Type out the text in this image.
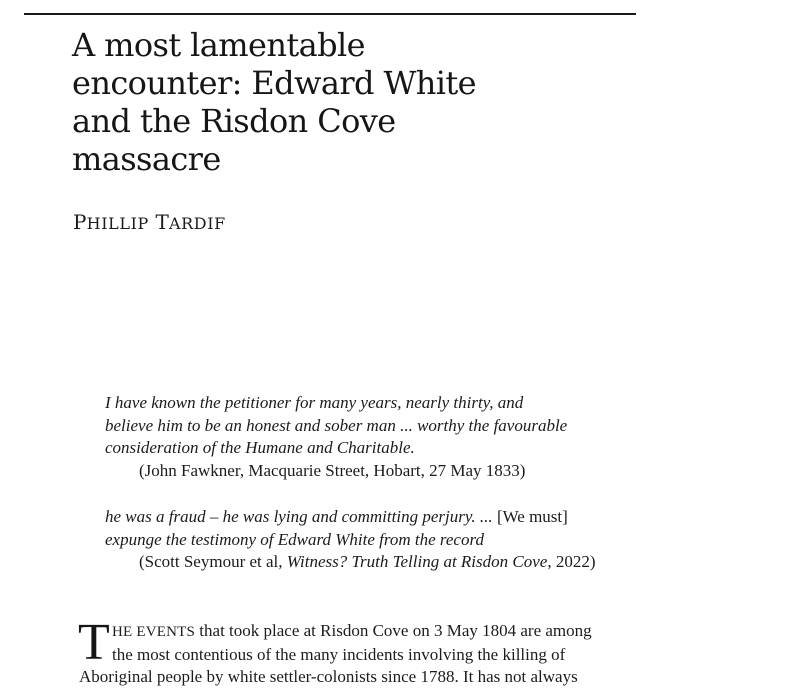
A most lamentable
encounter: Edward White
and the Risdon Cove
massacre

PHILLIP TARDIF

I have known the petitioner for many years, nearly thirty, and
believe him to be an honest and sober man ... worthy the favourable
consideration of the Humane and Charitable.
(John Fawkner, Macquarie Street, Hobart, 27 May 1833)
he was a fraud – he was lying and committing perjury. ... [We must]
expunge the testimony of Edward White from the record
(Scott Seymour et al, Witness? Truth Telling at Risdon Cove, 2022)
T HE EVENTS that took place at Risdon Cove on 3 May 1804 are among
the most contentious of the many incidents involving the killing of
Aboriginal people by white settler-colonists since 1788. It has not always
